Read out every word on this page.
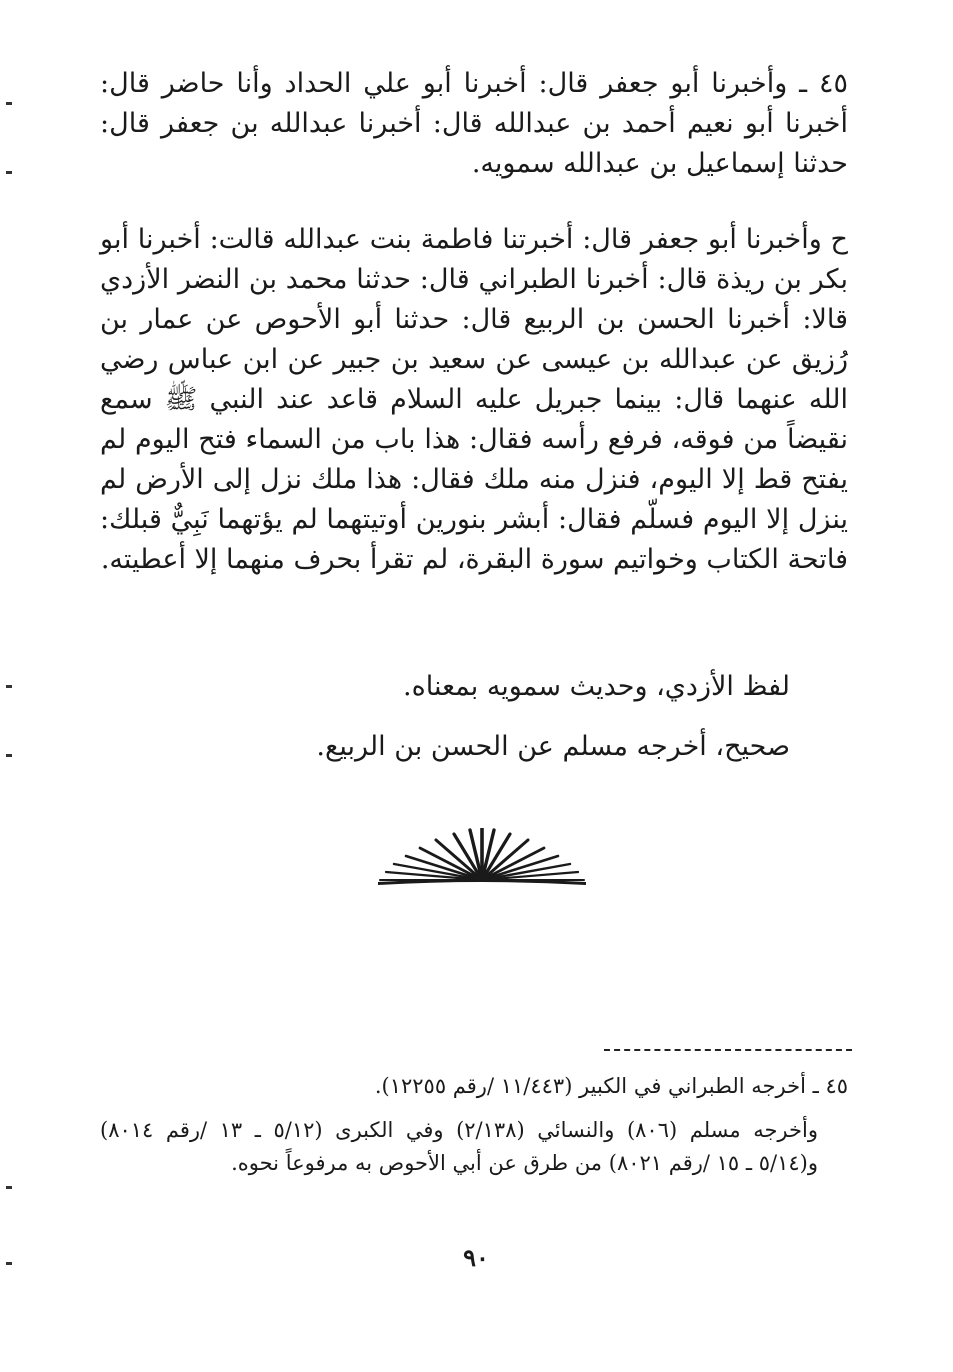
٤٥ ـ وأخبرنا أبو جعفر قال: أخبرنا أبو علي الحداد وأنا حاضر قال: أخبرنا أبو نعيم أحمد بن عبدالله قال: أخبرنا عبدالله بن جعفر قال: حدثنا إسماعيل بن عبدالله سمويه.

ح وأخبرنا أبو جعفر قال: أخبرتنا فاطمة بنت عبدالله قالت: أخبرنا أبو بكر بن ريذة قال: أخبرنا الطبراني قال: حدثنا محمد بن النضر الأزدي قالا: أخبرنا الحسن بن الربيع قال: حدثنا أبو الأحوص عن عمار بن رُزيق عن عبدالله بن عيسى عن سعيد بن جبير عن ابن عباس رضي الله عنهما قال: بينما جبريل عليه السلام قاعد عند النبي ﷺ سمع نقيضاً من فوقه، فرفع رأسه فقال: هذا باب من السماء فتح اليوم لم يفتح قط إلا اليوم، فنزل منه ملك فقال: هذا ملك نزل إلى الأرض لم ينزل إلا اليوم فسلّم فقال: أبشر بنورين أوتيتهما لم يؤتهما نَبِيٌّ قبلك: فاتحة الكتاب وخواتيم سورة البقرة، لم تقرأ بحرف منهما إلا أعطيته.

لفظ الأزدي، وحديث سمويه بمعناه.

صحيح، أخرجه مسلم عن الحسن بن الربيع.

٤٥ ـ أخرجه الطبراني في الكبير (١١/٤٤٣ /رقم ١٢٢٥٥).

وأخرجه مسلم (٨٠٦) والنسائي (٢/١٣٨) وفي الكبرى (٥/١٢ ـ ١٣ /رقم ٨٠١٤) و(٥/١٤ ـ ١٥ /رقم ٨٠٢١) من طرق عن أبي الأحوص به مرفوعاً نحوه.

٩٠
